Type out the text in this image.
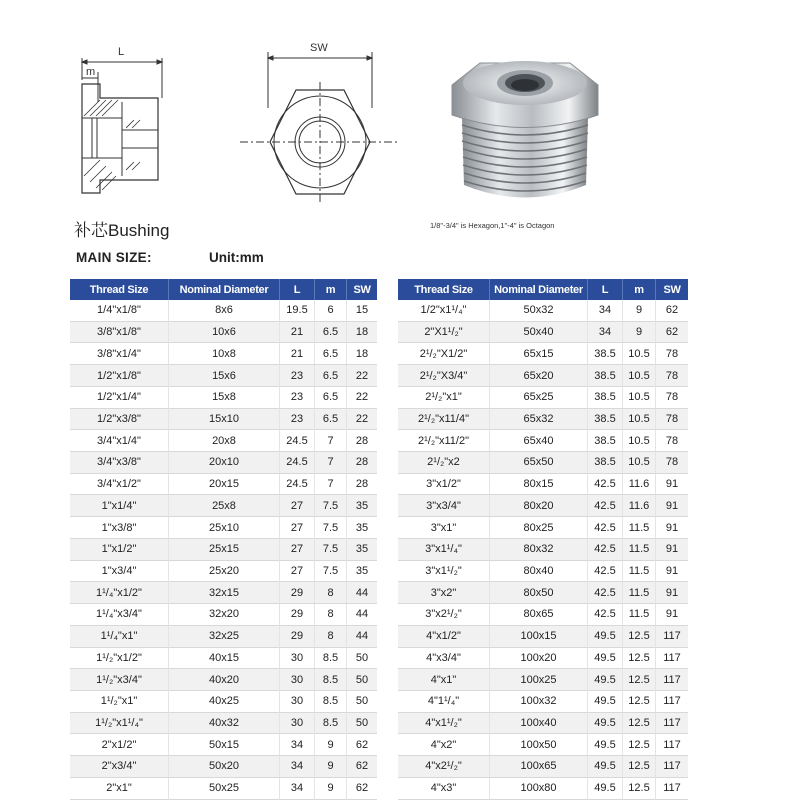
L
m
SW
补芯Bushing	1/8"-3/4" is Hexagon,1"-4" is Octagon
MAIN SIZE:	Unit:mm
Thread Size	Nominal Diameter	L	m	SW
1/4"x1/8"	8x6	19.5	6	15
3/8"x1/8"	10x6	21	6.5	18
3/8"x1/4"	10x8	21	6.5	18
1/2"x1/8"	15x6	23	6.5	22
1/2"x1/4"	15x8	23	6.5	22
1/2"x3/8"	15x10	23	6.5	22
3/4"x1/4"	20x8	24.5	7	28
3/4"x3/8"	20x10	24.5	7	28
3/4"x1/2"	20x15	24.5	7	28
1"x1/4"	25x8	27	7.5	35
1"x3/8"	25x10	27	7.5	35
1"x1/2"	25x15	27	7.5	35
1"x3/4"	25x20	27	7.5	35
1¹/₄"x1/2"	32x15	29	8	44
1¹/₄"x3/4"	32x20	29	8	44
1¹/₄"x1"	32x25	29	8	44
1¹/₂"x1/2"	40x15	30	8.5	50
1¹/₂"x3/4"	40x20	30	8.5	50
1¹/₂"x1"	40x25	30	8.5	50
1¹/₂"x1¹/₄"	40x32	30	8.5	50
2"x1/2"	50x15	34	9	62
2"x3/4"	50x20	34	9	62
2"x1"	50x25	34	9	62
Thread Size	Nominal Diameter	L	m	SW
1/2"x1¹/₄"	50x32	34	9	62
2"X1¹/₂"	50x40	34	9	62
2¹/₂"X1/2"	65x15	38.5	10.5	78
2¹/₂"X3/4"	65x20	38.5	10.5	78
2¹/₂"x1"	65x25	38.5	10.5	78
2¹/₂"x11/4"	65x32	38.5	10.5	78
2¹/₂"x11/2"	65x40	38.5	10.5	78
2¹/₂"x2	65x50	38.5	10.5	78
3"x1/2"	80x15	42.5	11.6	91
3"x3/4"	80x20	42.5	11.6	91
3"x1"	80x25	42.5	11.5	91
3"x1¹/₄"	80x32	42.5	11.5	91
3"x1¹/₂"	80x40	42.5	11.5	91
3"x2"	80x50	42.5	11.5	91
3"x2¹/₂"	80x65	42.5	11.5	91
4"x1/2"	100x15	49.5	12.5	117
4"x3/4"	100x20	49.5	12.5	117
4"x1"	100x25	49.5	12.5	117
4"1¹/₄"	100x32	49.5	12.5	117
4"x1¹/₂"	100x40	49.5	12.5	117
4"x2"	100x50	49.5	12.5	117
4"x2¹/₂"	100x65	49.5	12.5	117
4"x3"	100x80	49.5	12.5	117
